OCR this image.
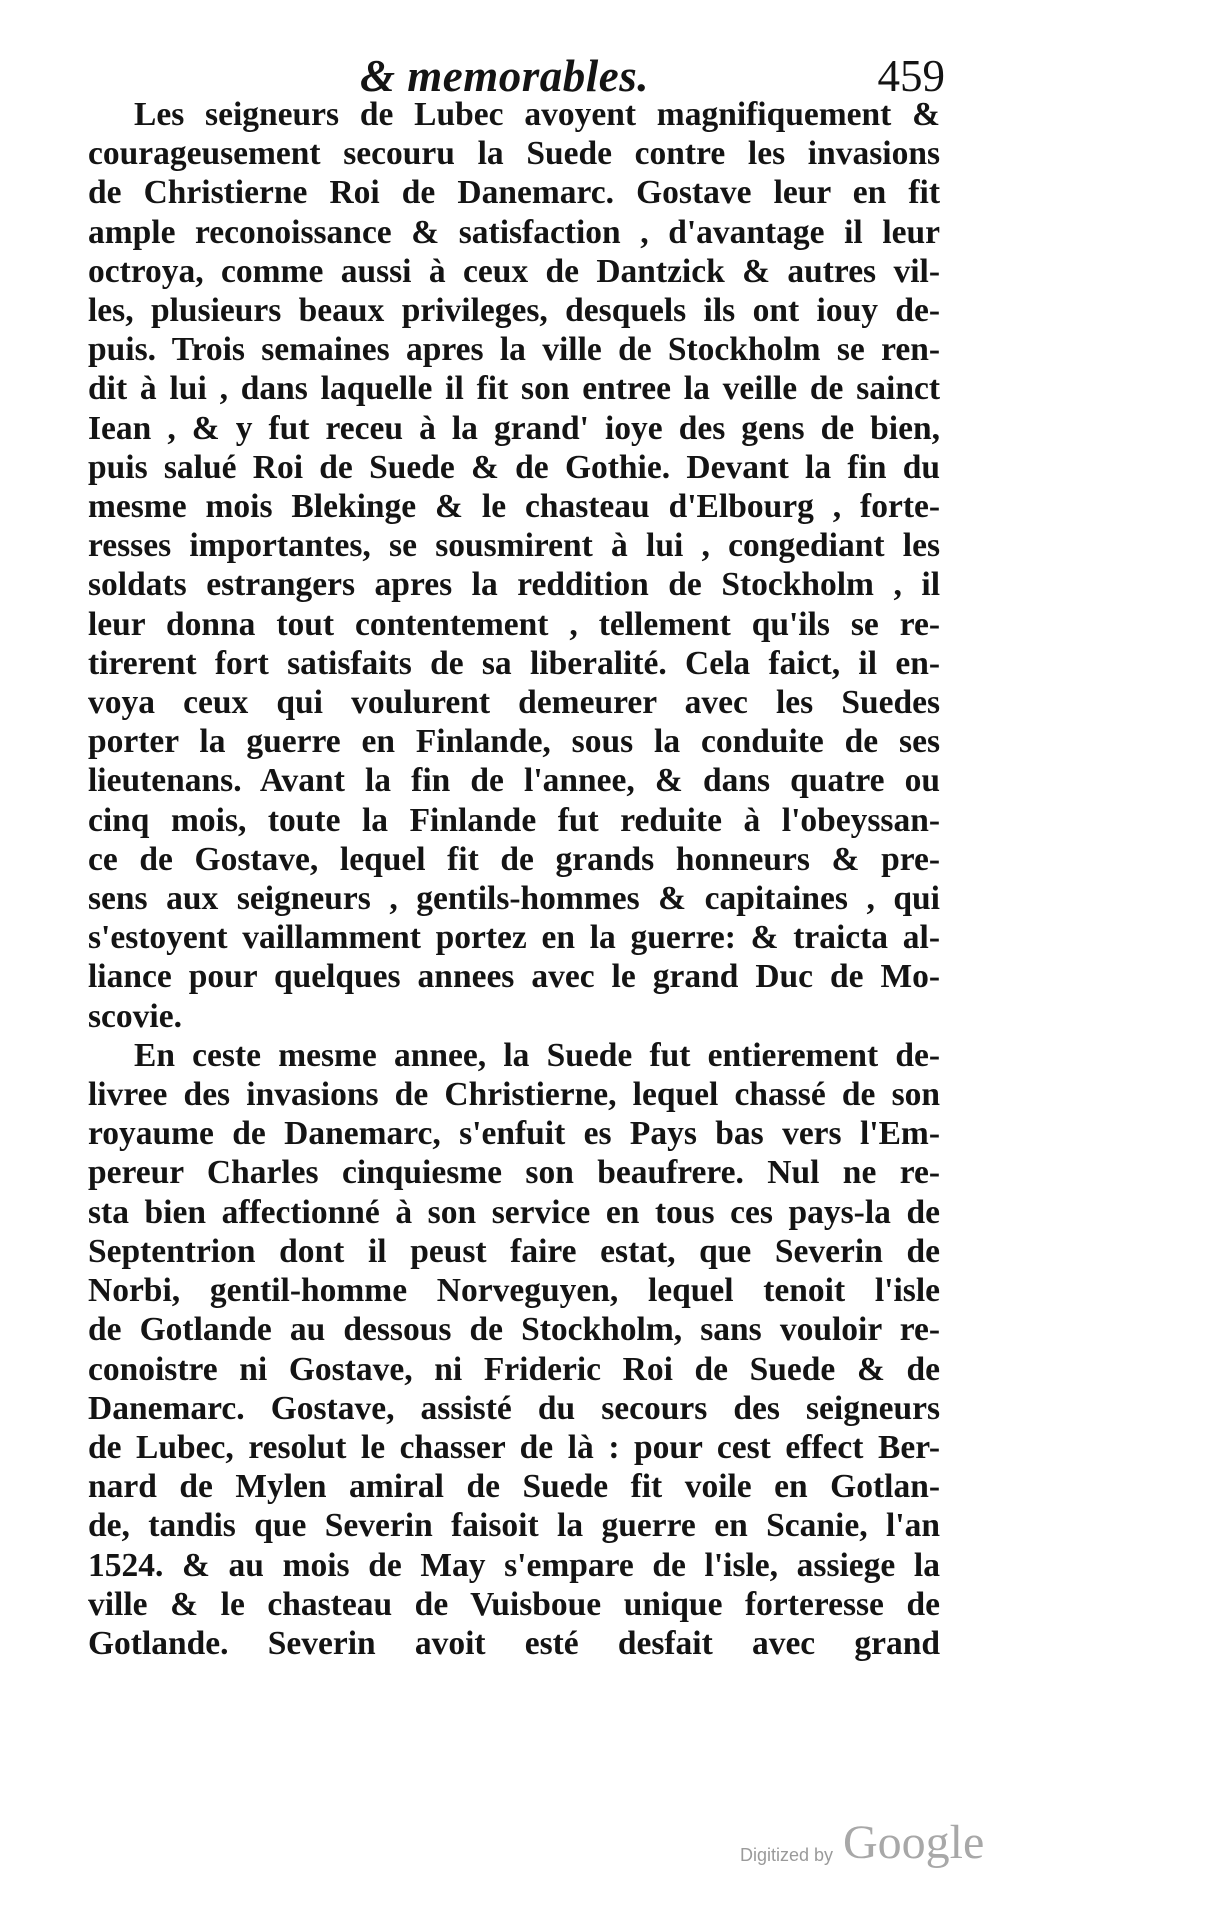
& memorables.	459

Les seigneurs de Lubec avoyent magnifiquement &
courageusement secouru la Suede contre les invasions
de Christierne Roi de Danemarc. Gostave leur en fit
ample reconoissance & satisfaction , d'avantage il leur
octroya, comme aussi à ceux de Dantzick & autres vil-
les, plusieurs beaux privileges, desquels ils ont iouy de-
puis. Trois semaines apres la ville de Stockholm se ren-
dit à lui , dans laquelle il fit son entree la veille de sainct
Iean , & y fut receu à la grand' ioye des gens de bien,
puis salué Roi de Suede & de Gothie. Devant la fin du
mesme mois Blekinge & le chasteau d'Elbourg , forte-
resses importantes, se sousmirent à lui , congediant les
soldats estrangers apres la reddition de Stockholm , il
leur donna tout contentement , tellement qu'ils se re-
tirerent fort satisfaits de sa liberalité. Cela faict, il en-
voya ceux qui voulurent demeurer avec les Suedes
porter la guerre en Finlande, sous la conduite de ses
lieutenans. Avant la fin de l'annee, & dans quatre ou
cinq mois, toute la Finlande fut reduite à l'obeyssan-
ce de Gostave, lequel fit de grands honneurs & pre-
sens aux seigneurs , gentils-hommes & capitaines , qui
s'estoyent vaillamment portez en la guerre: & traicta al-
liance pour quelques annees avec le grand Duc de Mo-
scovie.

En ceste mesme annee, la Suede fut entierement de-
livree des invasions de Christierne, lequel chassé de son
royaume de Danemarc, s'enfuit es Pays bas vers l'Em-
pereur Charles cinquiesme son beaufrere. Nul ne re-
sta bien affectionné à son service en tous ces pays-la de
Septentrion dont il peust faire estat, que Severin de
Norbi, gentil-homme Norveguyen, lequel tenoit l'isle
de Gotlande au dessous de Stockholm, sans vouloir re-
conoistre ni Gostave, ni Frideric Roi de Suede & de
Danemarc. Gostave, assisté du secours des seigneurs
de Lubec, resolut le chasser de là : pour cest effect Ber-
nard de Mylen amiral de Suede fit voile en Gotlan-
de, tandis que Severin faisoit la guerre en Scanie, l'an
1524. & au mois de May s'empare de l'isle, assiege la
ville & le chasteau de Vuisboue unique forteresse de
Gotlande. Severin avoit esté desfait avec grand

Digitized by Google
